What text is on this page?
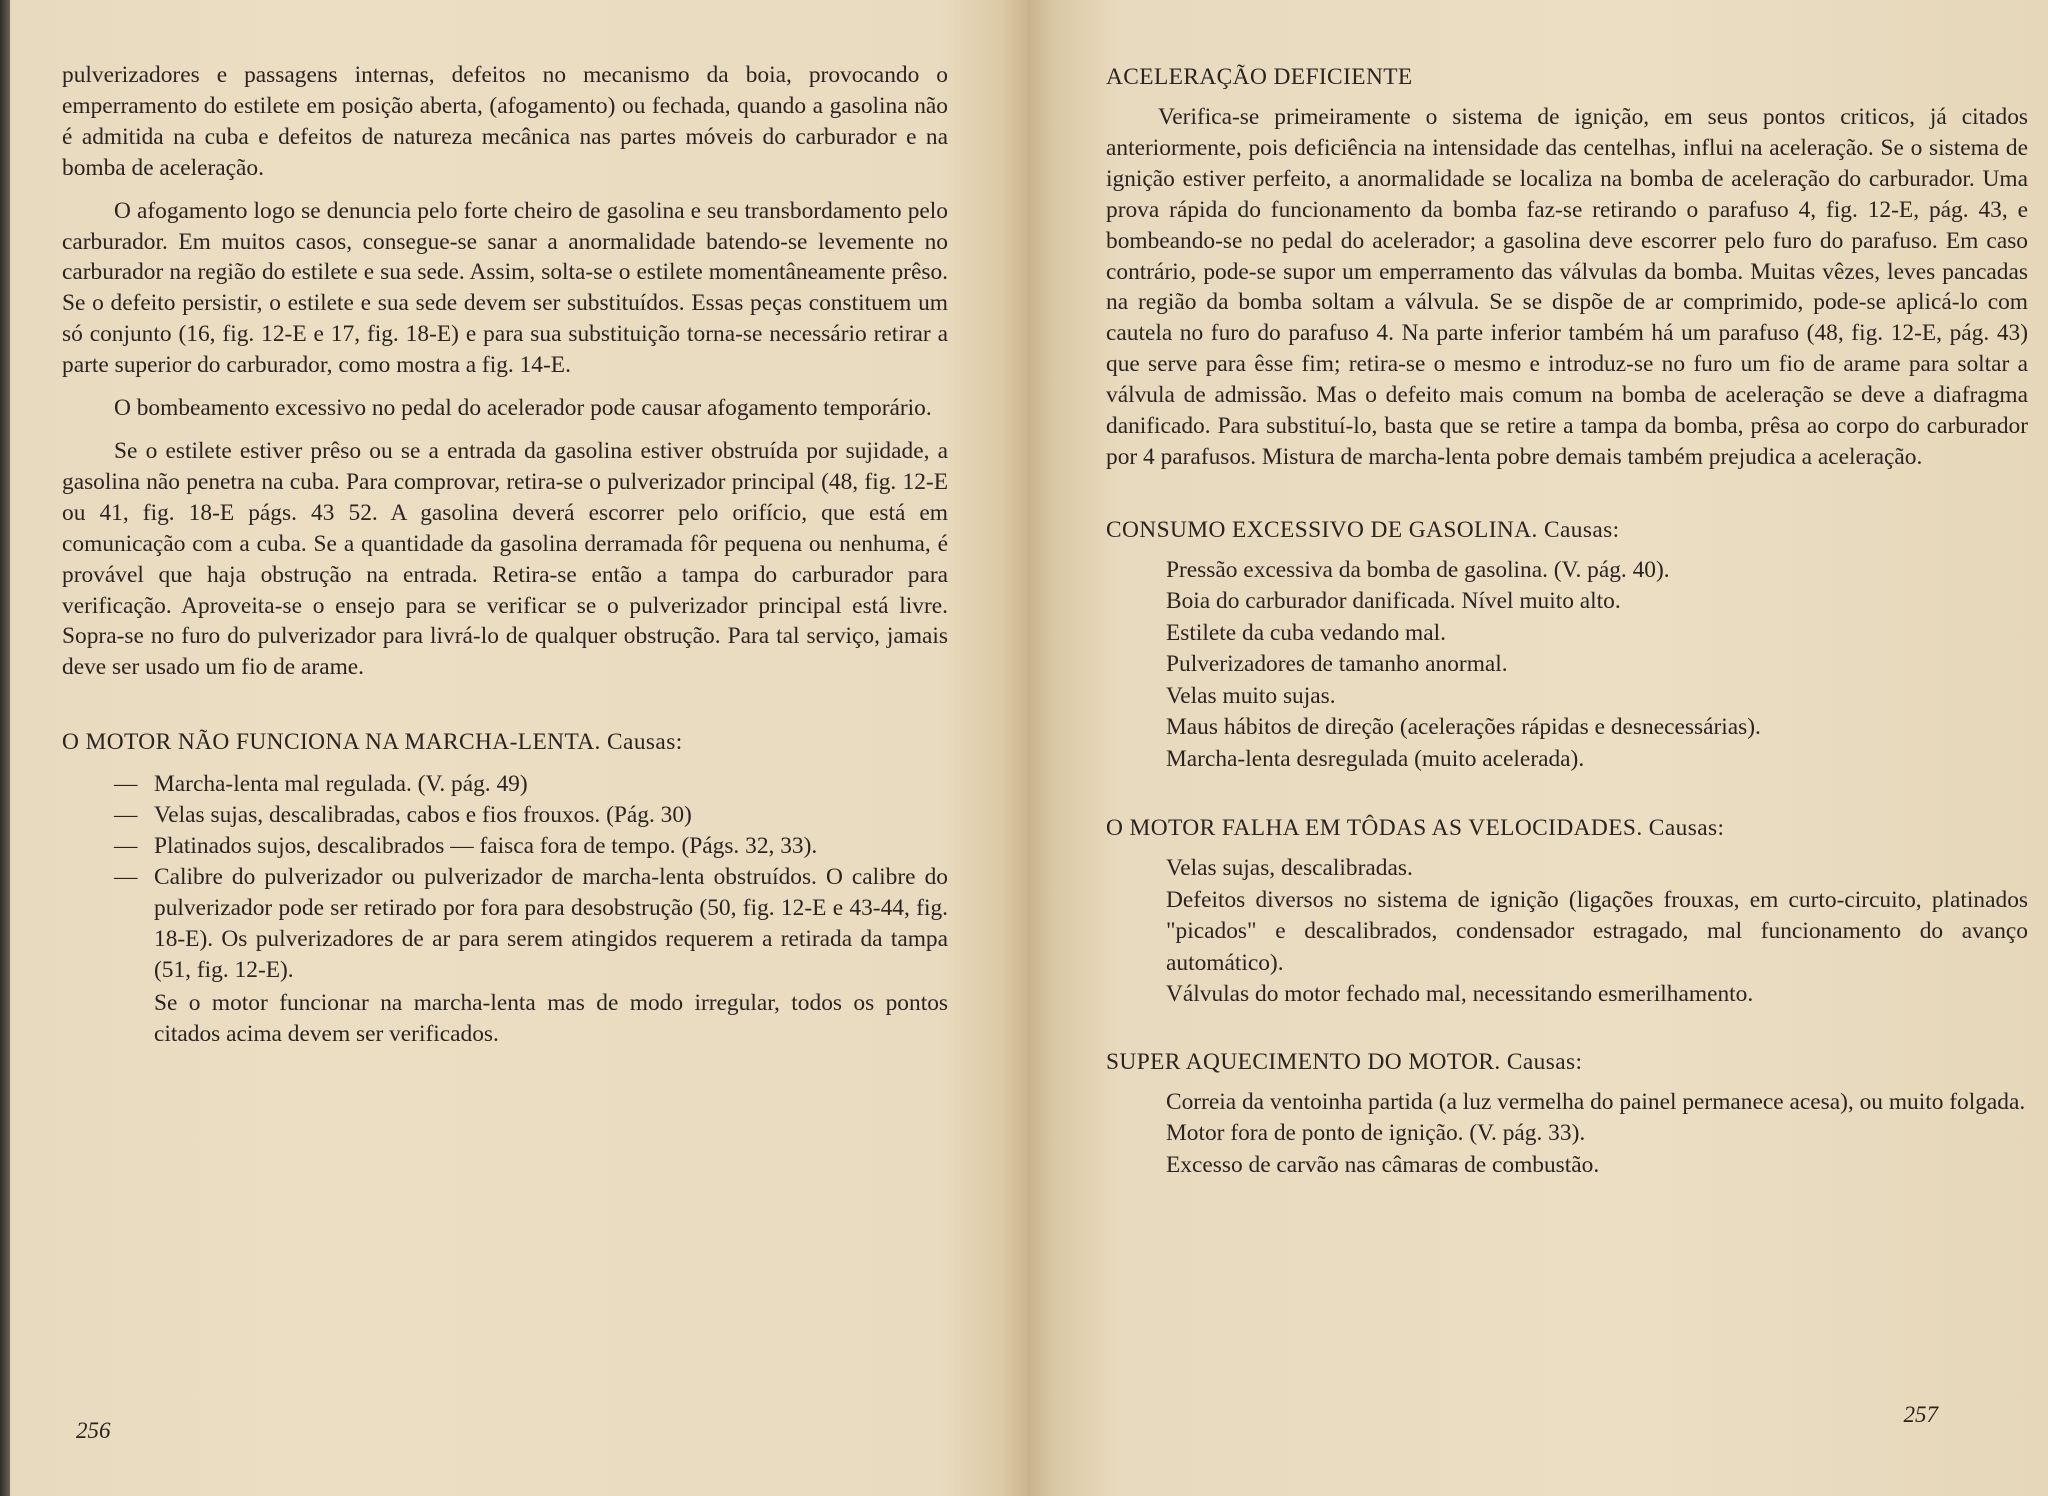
pulverizadores e passagens internas, defeitos no mecanismo da boia, provocando o emperramento do estilete em posição aberta, (afogamento) ou fechada, quando a gasolina não é admitida na cuba e defeitos de natureza mecânica nas partes móveis do carburador e na bomba de aceleração.

O afogamento logo se denuncia pelo forte cheiro de gasolina e seu transbordamento pelo carburador. Em muitos casos, consegue-se sanar a anormalidade batendo-se levemente no carburador na região do estilete e sua sede. Assim, solta-se o estilete momentâneamente prêso. Se o defeito persistir, o estilete e sua sede devem ser substituídos. Essas peças constituem um só conjunto (16, fig. 12-E e 17, fig. 18-E) e para sua substituição torna-se necessário retirar a parte superior do carburador, como mostra a fig. 14-E.

O bombeamento excessivo no pedal do acelerador pode causar afogamento temporário.

Se o estilete estiver prêso ou se a entrada da gasolina estiver obstruída por sujidade, a gasolina não penetra na cuba. Para comprovar, retira-se o pulverizador principal (48, fig. 12-E ou 41, fig. 18-E págs. 43 52. A gasolina deverá escorrer pelo orifício, que está em comunicação com a cuba. Se a quantidade da gasolina derramada fôr pequena ou nenhuma, é provável que haja obstrução na entrada. Retira-se então a tampa do carburador para verificação. Aproveita-se o ensejo para se verificar se o pulverizador principal está livre. Sopra-se no furo do pulverizador para livrá-lo de qualquer obstrução. Para tal serviço, jamais deve ser usado um fio de arame.

O MOTOR NÃO FUNCIONA NA MARCHA-LENTA. Causas:

— Marcha-lenta mal regulada. (V. pág. 49)
— Velas sujas, descalibradas, cabos e fios frouxos. (Pág. 30)
— Platinados sujos, descalibrados — faisca fora de tempo. (Págs. 32, 33).
— Calibre do pulverizador ou pulverizador de marcha-lenta obstruídos. O calibre do pulverizador pode ser retirado por fora para desobstrução (50, fig. 12-E e 43-44, fig. 18-E). Os pulverizadores de ar para serem atingidos requerem a retirada da tampa (51, fig. 12-E).

Se o motor funcionar na marcha-lenta mas de modo irregular, todos os pontos citados acima devem ser verificados.

256

ACELERAÇÃO DEFICIENTE

Verifica-se primeiramente o sistema de ignição, em seus pontos criticos, já citados anteriormente, pois deficiência na intensidade das centelhas, influi na aceleração. Se o sistema de ignição estiver perfeito, a anormalidade se localiza na bomba de aceleração do carburador. Uma prova rápida do funcionamento da bomba faz-se retirando o parafuso 4, fig. 12-E, pág. 43, e bombeando-se no pedal do acelerador; a gasolina deve escorrer pelo furo do parafuso. Em caso contrário, pode-se supor um emperramento das válvulas da bomba. Muitas vêzes, leves pancadas na região da bomba soltam a válvula. Se se dispõe de ar comprimido, pode-se aplicá-lo com cautela no furo do parafuso 4. Na parte inferior também há um parafuso (48, fig. 12-E, pág. 43) que serve para êsse fim; retira-se o mesmo e introduz-se no furo um fio de arame para soltar a válvula de admissão. Mas o defeito mais comum na bomba de aceleração se deve a diafragma danificado. Para substituí-lo, basta que se retire a tampa da bomba, prêsa ao corpo do carburador por 4 parafusos. Mistura de marcha-lenta pobre demais também prejudica a aceleração.

CONSUMO EXCESSIVO DE GASOLINA. Causas:

Pressão excessiva da bomba de gasolina. (V. pág. 40).

Boia do carburador danificada. Nível muito alto.

Estilete da cuba vedando mal.

Pulverizadores de tamanho anormal.

Velas muito sujas.

Maus hábitos de direção (acelerações rápidas e desnecessárias).

Marcha-lenta desregulada (muito acelerada).

O MOTOR FALHA EM TÔDAS AS VELOCIDADES. Causas:

Velas sujas, descalibradas.

Defeitos diversos no sistema de ignição (ligações frouxas, em curto-circuito, platinados "picados" e descalibrados, condensador estragado, mal funcionamento do avanço automático).

Válvulas do motor fechado mal, necessitando esmerilhamento.

SUPER AQUECIMENTO DO MOTOR. Causas:

Correia da ventoinha partida (a luz vermelha do painel permanece acesa), ou muito folgada.

Motor fora de ponto de ignição. (V. pág. 33).

Excesso de carvão nas câmaras de combustão.

257
